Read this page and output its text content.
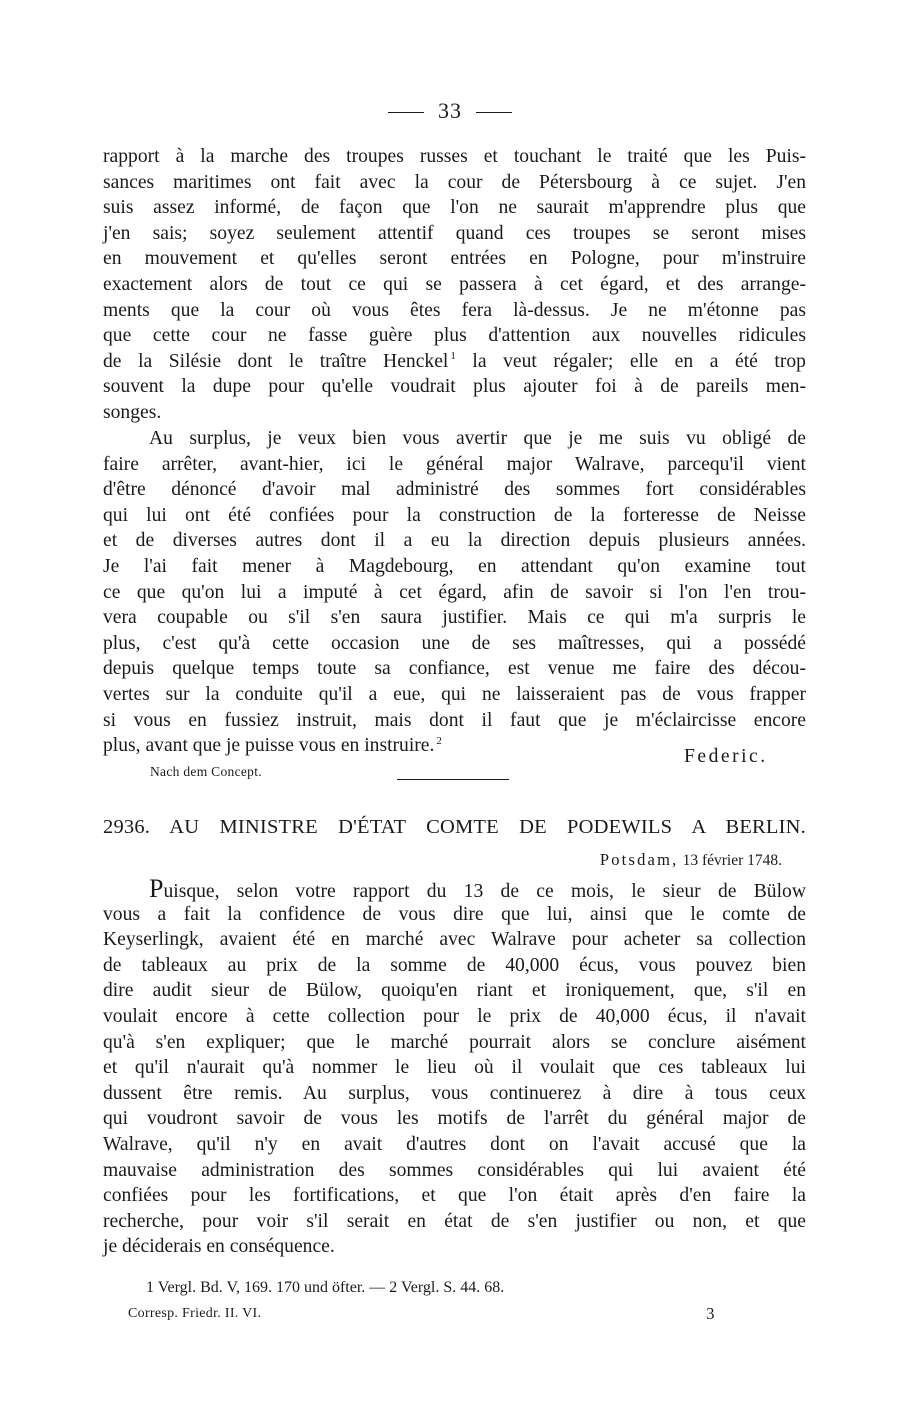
33
rapport à la marche des troupes russes et touchant le traité que les Puis-
sances maritimes ont fait avec la cour de Pétersbourg à ce sujet. J'en
suis assez informé, de façon que l'on ne saurait m'apprendre plus que
j'en sais; soyez seulement attentif quand ces troupes se seront mises
en mouvement et qu'elles seront entrées en Pologne, pour m'instruire
exactement alors de tout ce qui se passera à cet égard, et des arrange-
ments que la cour où vous êtes fera là-dessus. Je ne m'étonne pas
que cette cour ne fasse guère plus d'attention aux nouvelles ridicules
de la Silésie dont le traître Henckel $^1$ la veut régaler; elle en a été trop
souvent la dupe pour qu'elle voudrait plus ajouter foi à de pareils men-
songes.
Au surplus, je veux bien vous avertir que je me suis vu obligé de
faire arrêter, avant-hier, ici le général major Walrave, parcequ'il vient
d'être dénoncé d'avoir mal administré des sommes fort considérables
qui lui ont été confiées pour la construction de la forteresse de Neisse
et de diverses autres dont il a eu la direction depuis plusieurs années.
Je l'ai fait mener à Magdebourg, en attendant qu'on examine tout
ce que qu'on lui a imputé à cet égard, afin de savoir si l'on l'en trou-
vera coupable ou s'il s'en saura justifier. Mais ce qui m'a surpris le
plus, c'est qu'à cette occasion une de ses maîtresses, qui a possédé
depuis quelque temps toute sa confiance, est venue me faire des décou-
vertes sur la conduite qu'il a eue, qui ne laisseraient pas de vous frapper
si vous en fussiez instruit, mais dont il faut que je m'éclaircisse encore
plus, avant que je puisse vous en instruire. $^2$
Federic.
Nach dem Concept.
2936. AU MINISTRE D'ÉTAT COMTE DE PODEWILS A BERLIN.
Potsdam, 13 février 1748.
Puisque, selon votre rapport du 13 de ce mois, le sieur de Bülow
vous a fait la confidence de vous dire que lui, ainsi que le comte de
Keyserlingk, avaient été en marché avec Walrave pour acheter sa collection
de tableaux au prix de la somme de 40,000 écus, vous pouvez bien
dire audit sieur de Bülow, quoiqu'en riant et ironiquement, que, s'il en
voulait encore à cette collection pour le prix de 40,000 écus, il n'avait
qu'à s'en expliquer; que le marché pourrait alors se conclure aisément
et qu'il n'aurait qu'à nommer le lieu où il voulait que ces tableaux lui
dussent être remis. Au surplus, vous continuerez à dire à tous ceux
qui voudront savoir de vous les motifs de l'arrêt du général major de
Walrave, qu'il n'y en avait d'autres dont on l'avait accusé que la
mauvaise administration des sommes considérables qui lui avaient été
confiées pour les fortifications, et que l'on était après d'en faire la
recherche, pour voir s'il serait en état de s'en justifier ou non, et que
je déciderais en conséquence.
1 Vergl. Bd. V, 169. 170 und öfter. — 2 Vergl. S. 44. 68.
Corresp. Friedr. II. VI.	3
